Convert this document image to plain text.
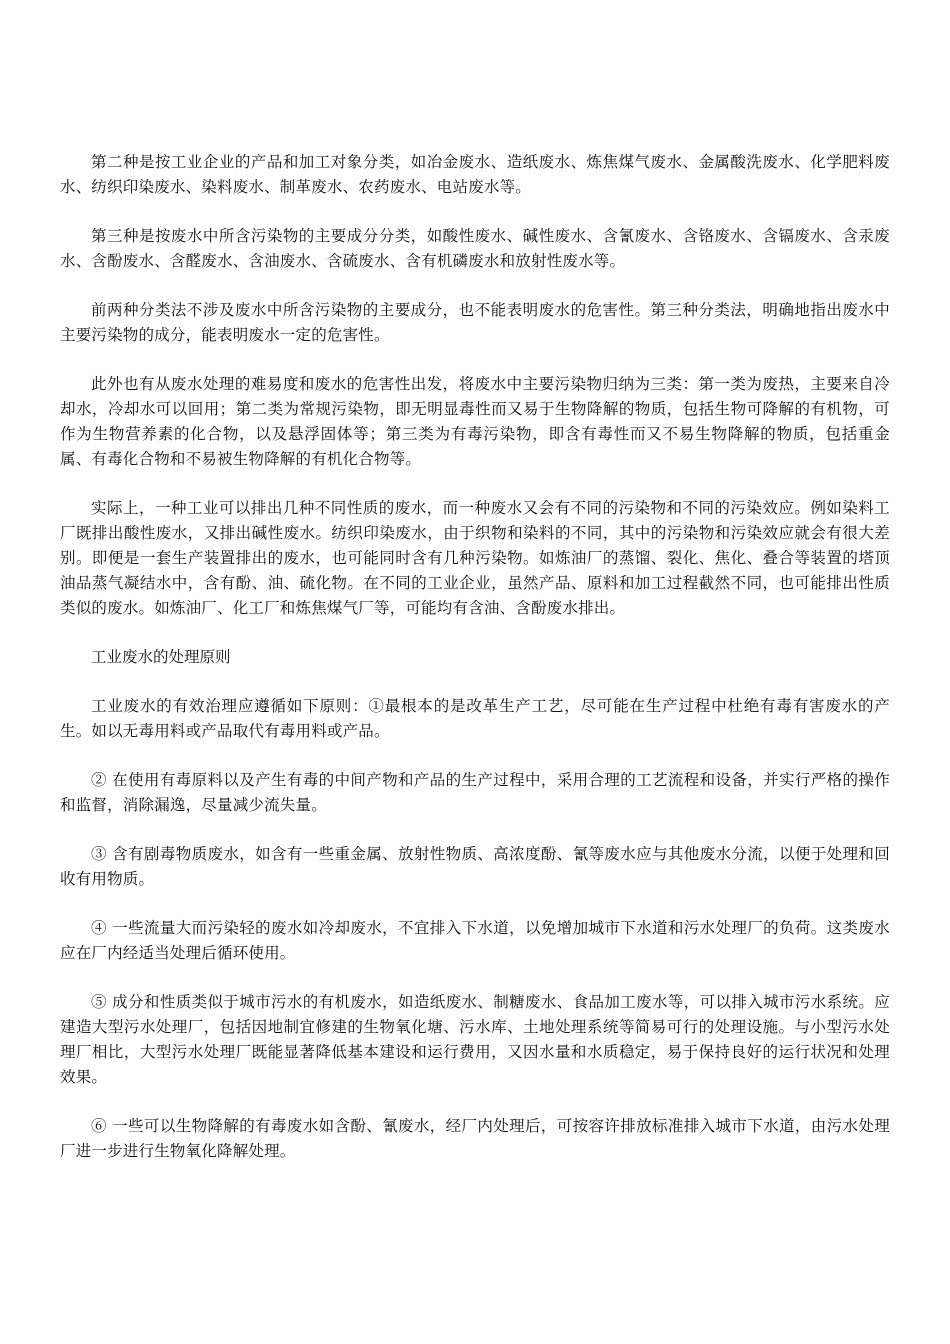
第二种是按工业企业的产品和加工对象分类，如冶金废水、造纸废水、炼焦煤气废水、金属酸洗废水、化学肥料废水、纺织印染废水、染料废水、制革废水、农药废水、电站废水等。

第三种是按废水中所含污染物的主要成分分类，如酸性废水、碱性废水、含氰废水、含铬废水、含镉废水、含汞废水、含酚废水、含醛废水、含油废水、含硫废水、含有机磷废水和放射性废水等。

前两种分类法不涉及废水中所含污染物的主要成分，也不能表明废水的危害性。第三种分类法，明确地指出废水中主要污染物的成分，能表明废水一定的危害性。

此外也有从废水处理的难易度和废水的危害性出发，将废水中主要污染物归纳为三类：第一类为废热，主要来自冷却水，冷却水可以回用；第二类为常规污染物，即无明显毒性而又易于生物降解的物质，包括生物可降解的有机物，可作为生物营养素的化合物，以及悬浮固体等；第三类为有毒污染物，即含有毒性而又不易生物降解的物质，包括重金属、有毒化合物和不易被生物降解的有机化合物等。

实际上，一种工业可以排出几种不同性质的废水，而一种废水又会有不同的污染物和不同的污染效应。例如染料工厂既排出酸性废水，又排出碱性废水。纺织印染废水，由于织物和染料的不同，其中的污染物和污染效应就会有很大差别。即便是一套生产装置排出的废水，也可能同时含有几种污染物。如炼油厂的蒸馏、裂化、焦化、叠合等装置的塔顶油品蒸气凝结水中，含有酚、油、硫化物。在不同的工业企业，虽然产品、原料和加工过程截然不同，也可能排出性质类似的废水。如炼油厂、化工厂和炼焦煤气厂等，可能均有含油、含酚废水排出。

工业废水的处理原则

工业废水的有效治理应遵循如下原则：①最根本的是改革生产工艺，尽可能在生产过程中杜绝有毒有害废水的产生。如以无毒用料或产品取代有毒用料或产品。

② 在使用有毒原料以及产生有毒的中间产物和产品的生产过程中，采用合理的工艺流程和设备，并实行严格的操作和监督，消除漏逸，尽量减少流失量。

③ 含有剧毒物质废水，如含有一些重金属、放射性物质、高浓度酚、氰等废水应与其他废水分流，以便于处理和回收有用物质。

④ 一些流量大而污染轻的废水如冷却废水，不宜排入下水道，以免增加城市下水道和污水处理厂的负荷。这类废水应在厂内经适当处理后循环使用。

⑤ 成分和性质类似于城市污水的有机废水，如造纸废水、制糖废水、食品加工废水等，可以排入城市污水系统。应建造大型污水处理厂，包括因地制宜修建的生物氧化塘、污水库、土地处理系统等简易可行的处理设施。与小型污水处理厂相比，大型污水处理厂既能显著降低基本建设和运行费用，又因水量和水质稳定，易于保持良好的运行状况和处理效果。

⑥ 一些可以生物降解的有毒废水如含酚、氰废水，经厂内处理后，可按容许排放标准排入城市下水道，由污水处理厂进一步进行生物氧化降解处理。
